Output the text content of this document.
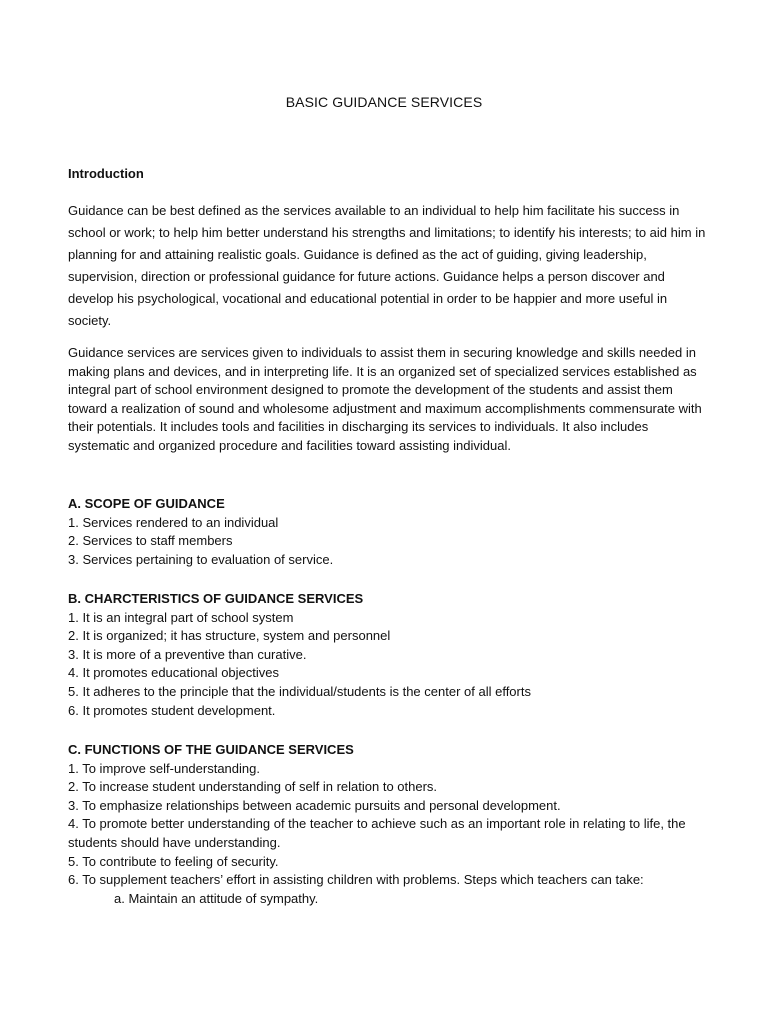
BASIC GUIDANCE SERVICES
Introduction

Guidance can be best defined as the services available to an individual to help him facilitate his success in school or work; to help him better understand his strengths and limitations; to identify his interests; to aid him in planning for and attaining realistic goals. Guidance is defined as the act of guiding, giving leadership, supervision, direction or professional guidance for future actions. Guidance helps a person discover and develop his psychological, vocational and educational potential in order to be happier and more useful in society.

Guidance services are services given to individuals to assist them in securing knowledge and skills needed in making plans and devices, and in interpreting life. It is an organized set of specialized services established as integral part of school environment designed to promote the development of the students and assist them toward a realization of sound and wholesome adjustment and maximum accomplishments commensurate with their potentials. It includes tools and facilities in discharging its services to individuals. It also includes systematic and organized procedure and facilities toward assisting individual.

A. SCOPE OF GUIDANCE
1. Services rendered to an individual
2. Services to staff members
3. Services pertaining to evaluation of service.
B. CHARCTERISTICS OF GUIDANCE SERVICES
1. It is an integral part of school system
2. It is organized; it has structure, system and personnel
3. It is more of a preventive than curative.
4. It promotes educational objectives
5. It adheres to the principle that the individual/students is the center of all efforts
6. It promotes student development.
C. FUNCTIONS OF THE GUIDANCE SERVICES
1. To improve self-understanding.
2. To increase student understanding of self in relation to others.
3. To emphasize relationships between academic pursuits and personal development.
4. To promote better understanding of the teacher to achieve such as an important role in relating to life, the students should have understanding.
5. To contribute to feeling of security.
6. To supplement teachers’ effort in assisting children with problems. Steps which teachers can take:
a. Maintain an attitude of sympathy.
